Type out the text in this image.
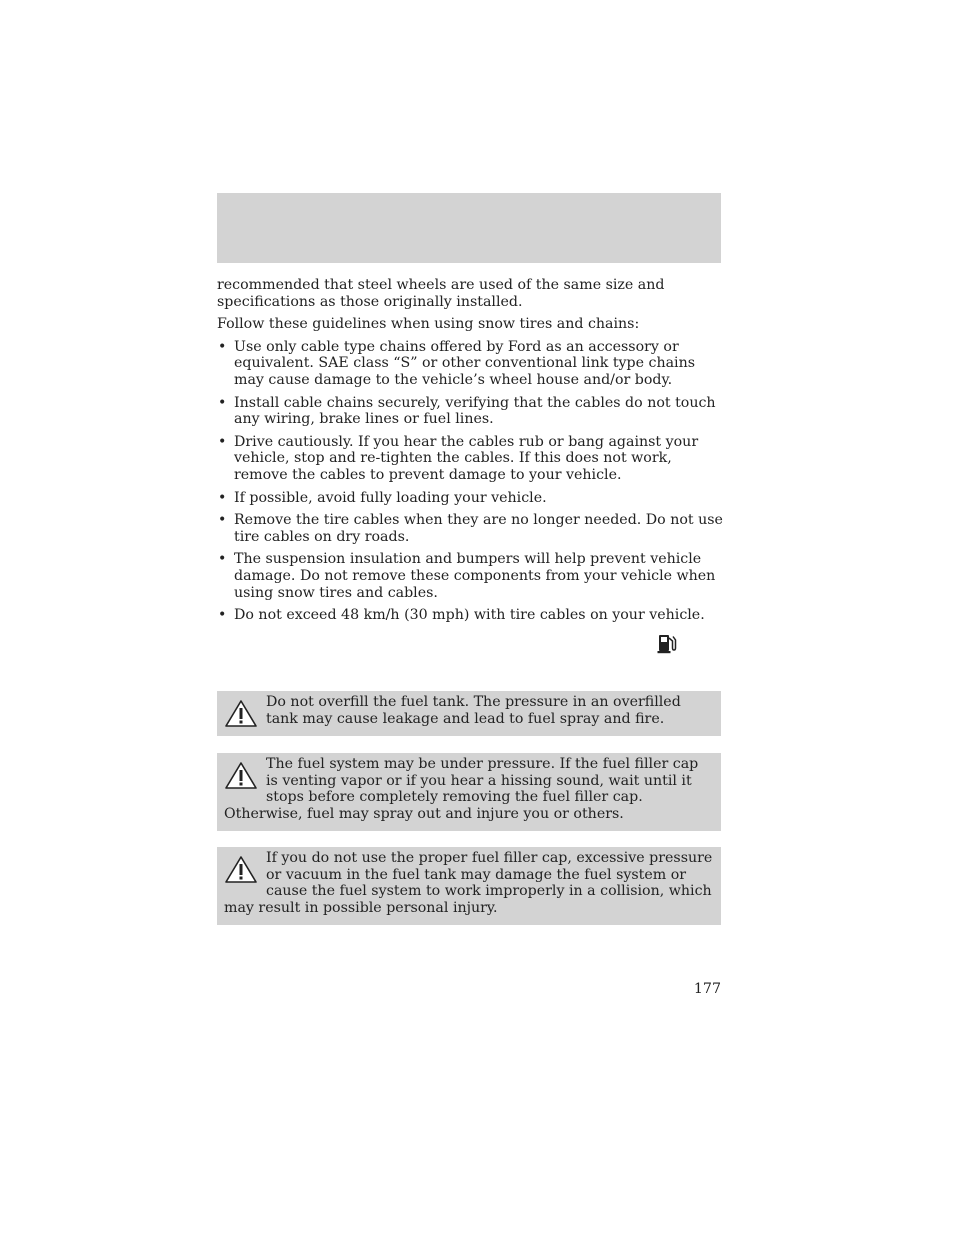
recommended that steel wheels are used of the same size and specifications as those originally installed.

Follow these guidelines when using snow tires and chains:

• Use only cable type chains offered by Ford as an accessory or equivalent. SAE class “S” or other conventional link type chains may cause damage to the vehicle’s wheel house and/or body.
• Install cable chains securely, verifying that the cables do not touch any wiring, brake lines or fuel lines.
• Drive cautiously. If you hear the cables rub or bang against your vehicle, stop and re-tighten the cables. If this does not work, remove the cables to prevent damage to your vehicle.
• If possible, avoid fully loading your vehicle.
• Remove the tire cables when they are no longer needed. Do not use tire cables on dry roads.
• The suspension insulation and bumpers will help prevent vehicle damage. Do not remove these components from your vehicle when using snow tires and cables.
• Do not exceed 48 km/h (30 mph) with tire cables on your vehicle.
Do not overfill the fuel tank. The pressure in an overfilled tank may cause leakage and lead to fuel spray and fire.
The fuel system may be under pressure. If the fuel filler cap is venting vapor or if you hear a hissing sound, wait until it stops before completely removing the fuel filler cap. Otherwise, fuel may spray out and injure you or others.
If you do not use the proper fuel filler cap, excessive pressure or vacuum in the fuel tank may damage the fuel system or cause the fuel system to work improperly in a collision, which may result in possible personal injury.
177
